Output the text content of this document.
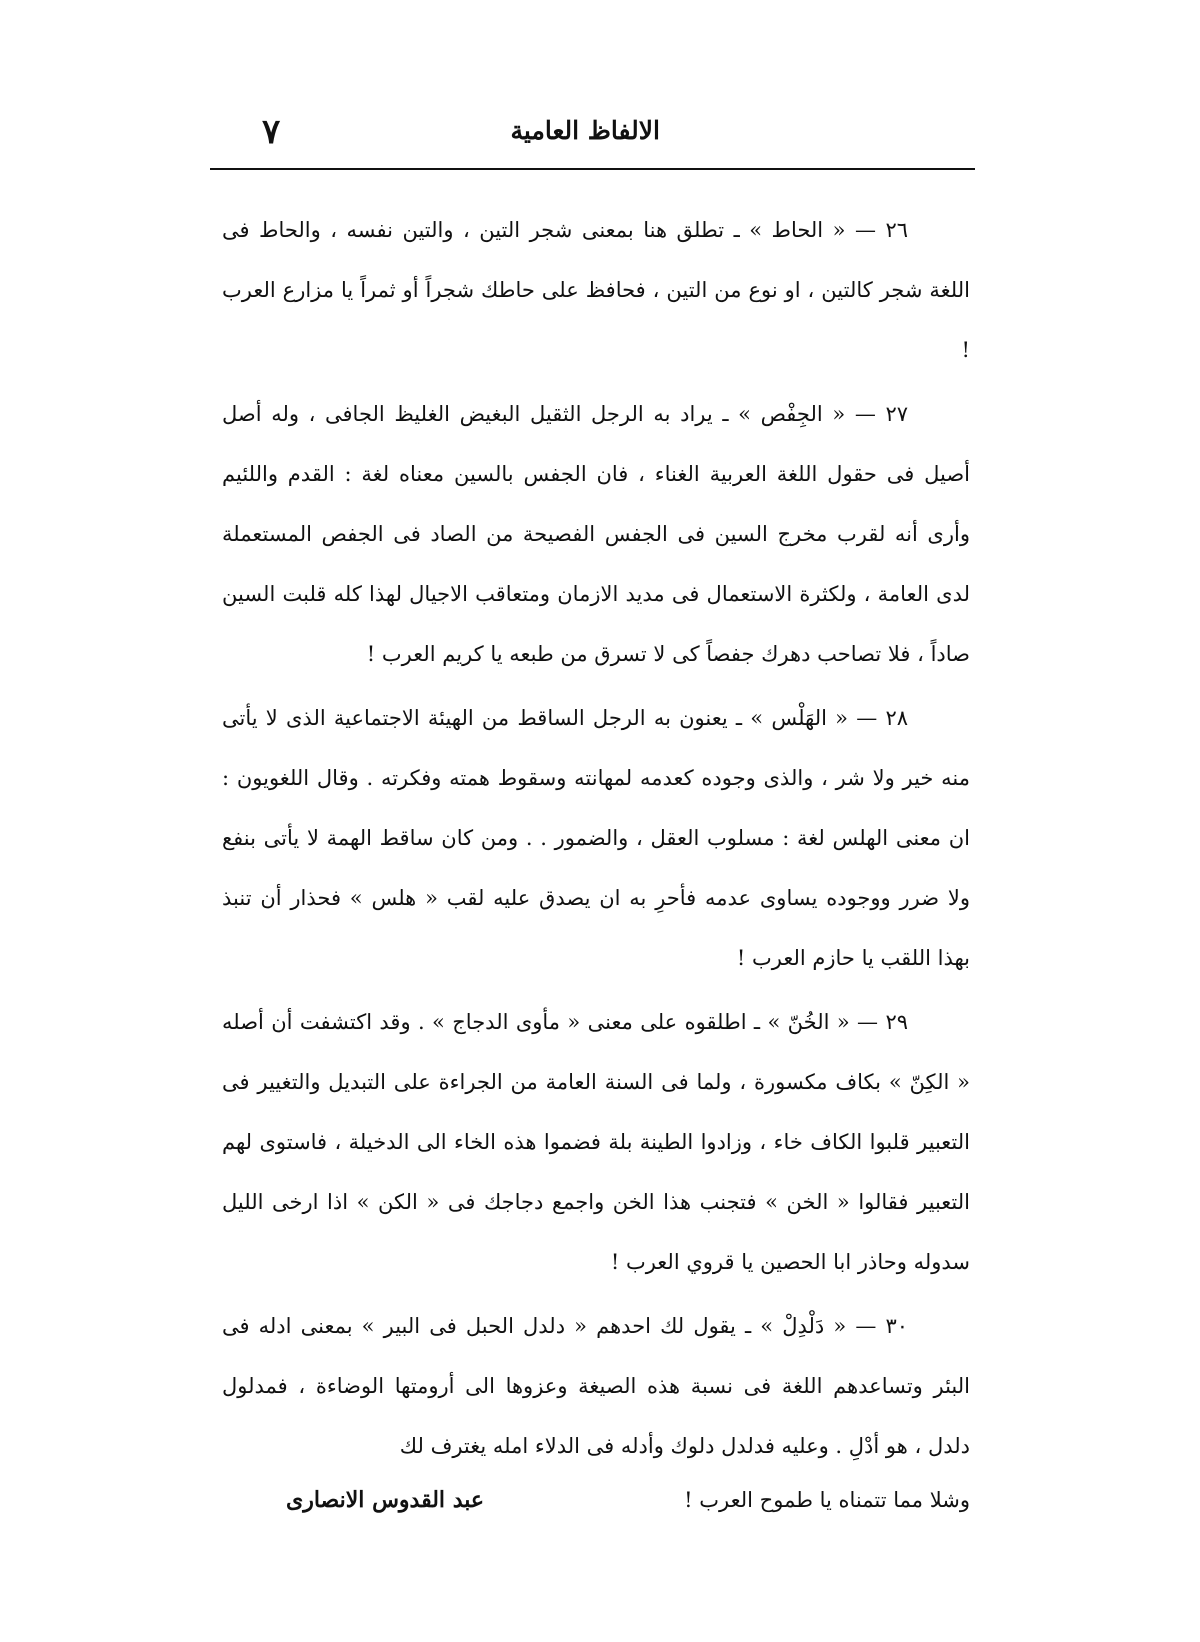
٧	الالفاظ العامية

٢٦ — « الحاط » ـ تطلق هنا بمعنى شجر التين ، والتين نفسه ، والحاط فى اللغة شجر كالتين ، او نوع من التين ، فحافظ على حاطك شجراً أو ثمراً يا مزارع العرب !

٢٧ — « الجِفْص » ـ يراد به الرجل الثقيل البغيض الغليظ الجافى ، وله أصل أصيل فى حقول اللغة العربية الغناء ، فان الجفس بالسين معناه لغة : القدم واللئيم وأرى أنه لقرب مخرج السين فى الجفس الفصيحة من الصاد فى الجفص المستعملة لدى العامة ، ولكثرة الاستعمال فى مديد الازمان ومتعاقب الاجيال لهذا كله قلبت السين صاداً ، فلا تصاحب دهرك جفصاً كى لا تسرق من طبعه يا كريم العرب !

٢٨ — « الهَلْس » ـ يعنون به الرجل الساقط من الهيئة الاجتماعية الذى لا يأتى منه خير ولا شر ، والذى وجوده كعدمه لمهانته وسقوط همته وفكرته . وقال اللغويون : ان معنى الهلس لغة : مسلوب العقل ، والضمور . . ومن كان ساقط الهمة لا يأتى بنفع ولا ضرر ووجوده يساوى عدمه فأحرِ به ان يصدق عليه لقب « هلس » فحذار أن تنبذ بهذا اللقب يا حازم العرب !

٢٩ — « الخُنّ » ـ اطلقوه على معنى « مأوى الدجاج » . وقد اكتشفت أن أصله « الكِنّ » بكاف مكسورة ، ولما فى السنة العامة من الجراءة على التبديل والتغيير فى التعبير قلبوا الكاف خاء ، وزادوا الطينة بلة فضموا هذه الخاء الى الدخيلة ، فاستوى لهم التعبير فقالوا « الخن » فتجنب هذا الخن واجمع دجاجك فى « الكن » اذا ارخى الليل سدوله وحاذر ابا الحصين يا قروي العرب !

٣٠ — « دَلْدِلْ » ـ يقول لك احدهم « دلدل الحبل فى البير » بمعنى ادله فى البئر وتساعدهم اللغة فى نسبة هذه الصيغة وعزوها الى أرومتها الوضاءة ، فمدلول دلدل ، هو أدْلِ . وعليه فدلدل دلوك وأدله فى الدلاء امله يغترف لك

وشلا مما تتمناه يا طموح العرب !
عبد القدوس الانصارى
